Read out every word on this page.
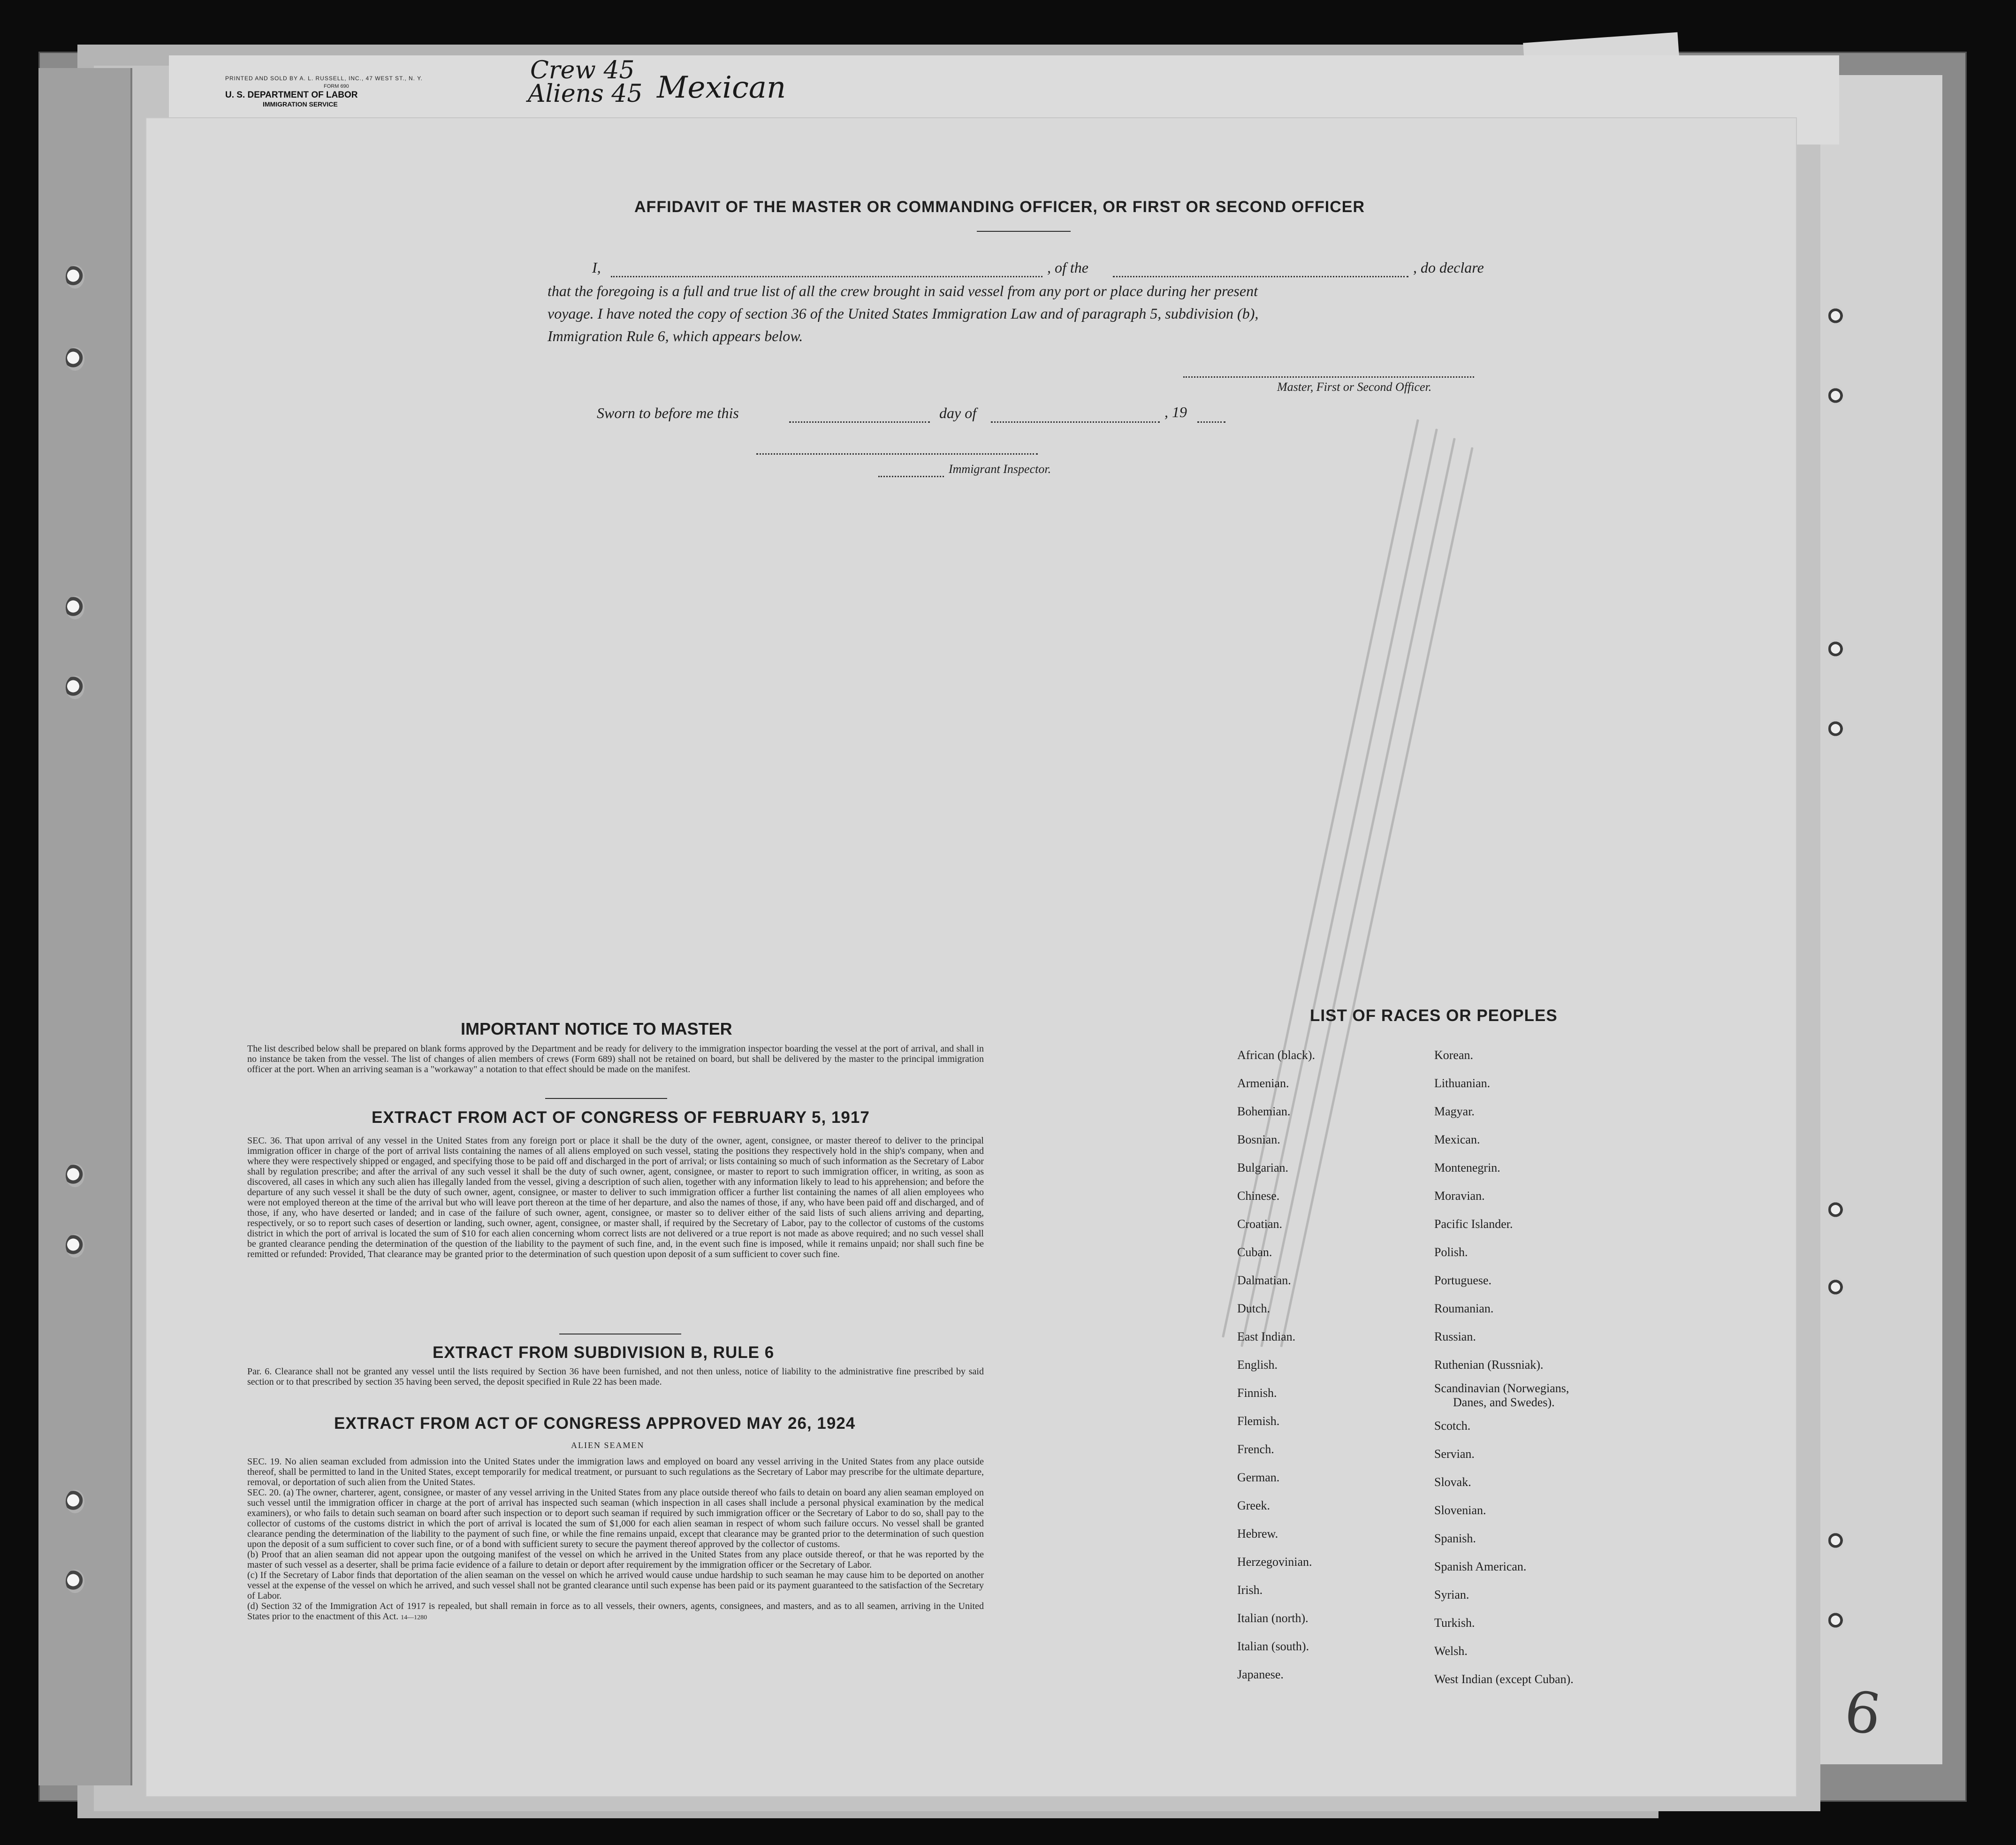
PRINTED AND SOLD BY A. L. RUSSELL, INC., 47 WEST ST., N. Y.
FORM 690
U. S. DEPARTMENT OF LABOR
IMMIGRATION SERVICE
Crew 45
Aliens 45 Mexican
AFFIDAVIT OF THE MASTER OR COMMANDING OFFICER, OR FIRST OR SECOND OFFICER
I,	, of the	, do declare
that the foregoing is a full and true list of all the crew brought in said vessel from any port or place during her present
voyage. I have noted the copy of section 36 of the United States Immigration Law and of paragraph 5, subdivision (b),
Immigration Rule 6, which appears below.
Master, First or Second Officer.
Sworn to before me this	day of	, 19
Immigrant Inspector.
IMPORTANT NOTICE TO MASTER
The list described below shall be prepared on blank forms approved by the Department and be ready for delivery to the immigration inspector boarding the vessel at the port of arrival, and shall in no instance be taken from the vessel. The list of changes of alien members of crews (Form 689) shall not be retained on board, but shall be delivered by the master to the principal immigration officer at the port. When an arriving seaman is a "workaway" a notation to that effect should be made on the manifest.
EXTRACT FROM ACT OF CONGRESS OF FEBRUARY 5, 1917
SEC. 36. That upon arrival of any vessel in the United States from any foreign port or place it shall be the duty of the owner, agent, consignee, or master thereof to deliver to the principal immigration officer in charge of the port of arrival lists containing the names of all aliens employed on such vessel, stating the positions they respectively hold in the ship's company, when and where they were respectively shipped or engaged, and specifying those to be paid off and discharged in the port of arrival; or lists containing so much of such information as the Secretary of Labor shall by regulation prescribe; and after the arrival of any such vessel it shall be the duty of such owner, agent, consignee, or master to report to such immigration officer, in writing, as soon as discovered, all cases in which any such alien has illegally landed from the vessel, giving a description of such alien, together with any information likely to lead to his apprehension; and before the departure of any such vessel it shall be the duty of such owner, agent, consignee, or master to deliver to such immigration officer a further list containing the names of all alien employees who were not employed thereon at the time of the arrival but who will leave port thereon at the time of her departure, and also the names of those, if any, who have been paid off and discharged, and of those, if any, who have deserted or landed; and in case of the failure of such owner, agent, consignee, or master so to deliver either of the said lists of such aliens arriving and departing, respectively, or so to report such cases of desertion or landing, such owner, agent, consignee, or master shall, if required by the Secretary of Labor, pay to the collector of customs of the customs district in which the port of arrival is located the sum of $10 for each alien concerning whom correct lists are not delivered or a true report is not made as above required; and no such vessel shall be granted clearance pending the determination of the question of the liability to the payment of such fine, and, in the event such fine is imposed, while it remains unpaid; nor shall such fine be remitted or refunded: Provided, That clearance may be granted prior to the determination of such question upon deposit of a sum sufficient to cover such fine.
EXTRACT FROM SUBDIVISION B, RULE 6
Par. 6. Clearance shall not be granted any vessel until the lists required by Section 36 have been furnished, and not then unless, notice of liability to the administrative fine prescribed by said section or to that prescribed by section 35 having been served, the deposit specified in Rule 22 has been made.
EXTRACT FROM ACT OF CONGRESS APPROVED MAY 26, 1924
ALIEN SEAMEN
SEC. 19. No alien seaman excluded from admission into the United States under the immigration laws and employed on board any vessel arriving in the United States from any place outside thereof, shall be permitted to land in the United States, except temporarily for medical treatment, or pursuant to such regulations as the Secretary of Labor may prescribe for the ultimate departure, removal, or deportation of such alien from the United States.
SEC. 20. (a) The owner, charterer, agent, consignee, or master of any vessel arriving in the United States from any place outside thereof who fails to detain on board any alien seaman employed on such vessel until the immigration officer in charge at the port of arrival has inspected such seaman (which inspection in all cases shall include a personal physical examination by the medical examiners), or who fails to detain such seaman on board after such inspection or to deport such seaman if required by such immigration officer or the Secretary of Labor to do so, shall pay to the collector of customs of the customs district in which the port of arrival is located the sum of $1,000 for each alien seaman in respect of whom such failure occurs. No vessel shall be granted clearance pending the determination of the liability to the payment of such fine, or while the fine remains unpaid, except that clearance may be granted prior to the determination of such question upon the deposit of a sum sufficient to cover such fine, or of a bond with sufficient surety to secure the payment thereof approved by the collector of customs.
(b) Proof that an alien seaman did not appear upon the outgoing manifest of the vessel on which he arrived in the United States from any place outside thereof, or that he was reported by the master of such vessel as a deserter, shall be prima facie evidence of a failure to detain or deport after requirement by the immigration officer or the Secretary of Labor.
(c) If the Secretary of Labor finds that deportation of the alien seaman on the vessel on which he arrived would cause undue hardship to such seaman he may cause him to be deported on another vessel at the expense of the vessel on which he arrived, and such vessel shall not be granted clearance until such expense has been paid or its payment guaranteed to the satisfaction of the Secretary of Labor.
(d) Section 32 of the Immigration Act of 1917 is repealed, but shall remain in force as to all vessels, their owners, agents, consignees, and masters, and as to all seamen, arriving in the United States prior to the enactment of this Act. 14—1280
LIST OF RACES OR PEOPLES
African (black).
Armenian.
Bohemian.
Bosnian.
Bulgarian.
Chinese.
Croatian.
Cuban.
Dalmatian.
Dutch.
East Indian.
English.
Finnish.
Flemish.
French.
German.
Greek.
Hebrew.
Herzegovinian.
Irish.
Italian (north).
Italian (south).
Japanese.
Korean.
Lithuanian.
Magyar.
Mexican.
Montenegrin.
Moravian.
Pacific Islander.
Polish.
Portuguese.
Roumanian.
Russian.
Ruthenian (Russniak).
Scandinavian (Norwegians,
Danes, and Swedes).
Scotch.
Servian.
Slovak.
Slovenian.
Spanish.
Spanish American.
Syrian.
Turkish.
Welsh.
West Indian (except Cuban).	6
